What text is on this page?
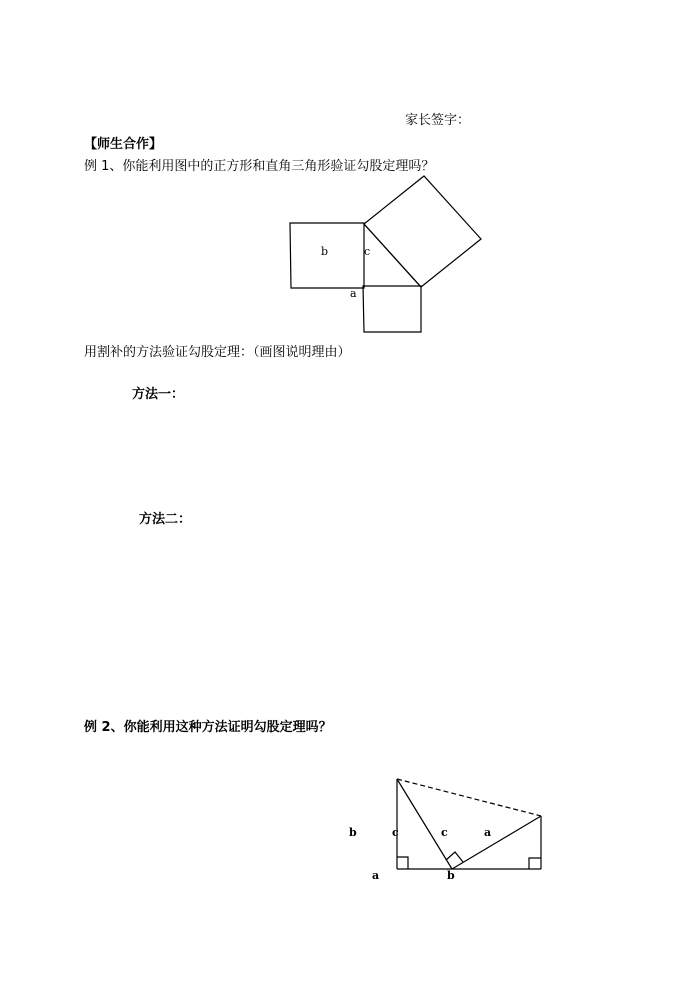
家长签字：
【师生合作】
例 1、你能利用图中的正方形和直角三角形验证勾股定理吗？
b	c
a
用割补的方法验证勾股定理：（画图说明理由）
方法一：
方法二：
例 2、你能利用这种方法证明勾股定理吗？
b	c	c	a
a	b
